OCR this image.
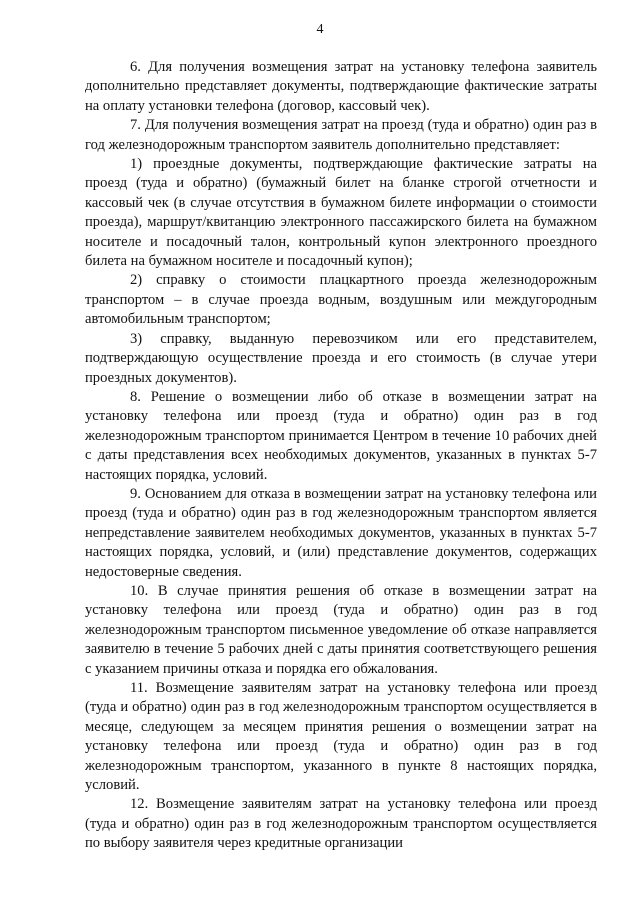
4

6. Для получения возмещения затрат на установку телефона заявитель дополнительно представляет документы, подтверждающие фактические затраты на оплату установки телефона (договор, кассовый чек).

7. Для получения возмещения затрат на проезд (туда и обратно) один раз в год железнодорожным транспортом заявитель дополнительно представляет:

1) проездные документы, подтверждающие фактические затраты на проезд (туда и обратно) (бумажный билет на бланке строгой отчетности и кассовый чек (в случае отсутствия в бумажном билете информации о стоимости проезда), маршрут/квитанцию электронного пассажирского билета на бумажном носителе и посадочный талон, контрольный купон электронного проездного билета на бумажном носителе и посадочный купон);

2) справку о стоимости плацкартного проезда железнодорожным транспортом – в случае проезда водным, воздушным или междугородным автомобильным транспортом;

3) справку, выданную перевозчиком или его представителем, подтверждающую осуществление проезда и его стоимость (в случае утери проездных документов).

8. Решение о возмещении либо об отказе в возмещении затрат на установку телефона или проезд (туда и обратно) один раз в год железнодорожным транспортом принимается Центром в течение 10 рабочих дней с даты представления всех необходимых документов, указанных в пунктах 5-7 настоящих порядка, условий.

9. Основанием для отказа в возмещении затрат на установку телефона или проезд (туда и обратно) один раз в год железнодорожным транспортом является непредставление заявителем необходимых документов, указанных в пунктах 5-7 настоящих порядка, условий, и (или) представление документов, содержащих недостоверные сведения.

10. В случае принятия решения об отказе в возмещении затрат на установку телефона или проезд (туда и обратно) один раз в год железнодорожным транспортом письменное уведомление об отказе направляется заявителю в течение 5 рабочих дней с даты принятия соответствующего решения с указанием причины отказа и порядка его обжалования.

11. Возмещение заявителям затрат на установку телефона или проезд (туда и обратно) один раз в год железнодорожным транспортом осуществляется в месяце, следующем за месяцем принятия решения о возмещении затрат на установку телефона или проезд (туда и обратно) один раз в год железнодорожным транспортом, указанного в пункте 8 настоящих порядка, условий.

12. Возмещение заявителям затрат на установку телефона или проезд (туда и обратно) один раз в год железнодорожным транспортом осуществляется по выбору заявителя через кредитные организации
